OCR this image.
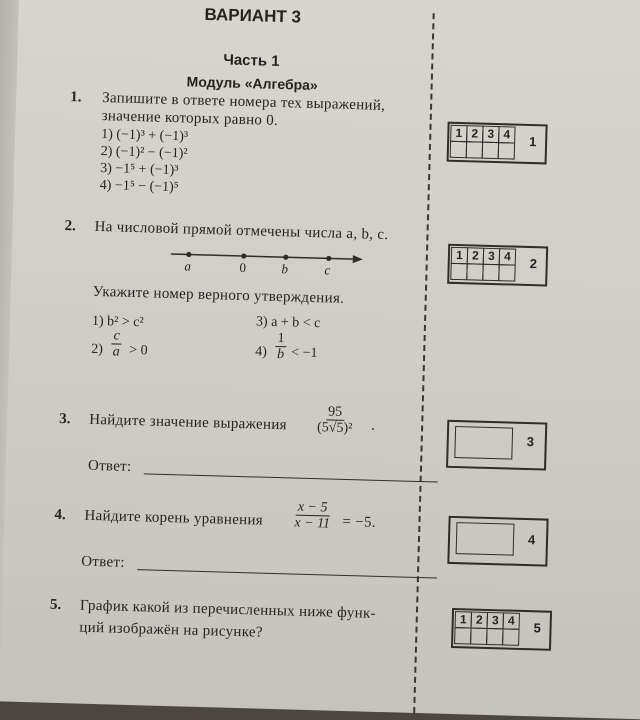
ВАРИАНТ 3
Часть 1
Модуль «Алгебра»
1. Запишите в ответе номера тех выражений,
значение которых равно 0.
1) (−1)³ + (−1)³
2) (−1)² − (−1)²
3) −1⁵ + (−1)³
4) −1⁵ − (−1)⁵
1 2 3 4	1
2. На числовой прямой отмечены числа a, b, c.
a	0	b	c
Укажите номер верного утверждения.
1) b² > c²
$2) \frac{c}{a} > 0$
3) a + b < c
$4) \frac{1}{b} < -1$
1 2 3 4	2
3. Найдите значение выражения $\frac{95}{\text{(5√5)²}}$ .
Ответ:
3
4. Найдите корень уравнения $\frac{x - 5}{x - 11} = -5$.
Ответ:
4
5. График какой из перечисленных ниже функ-
ций изображён на рисунке?
1 2 3 4	5
